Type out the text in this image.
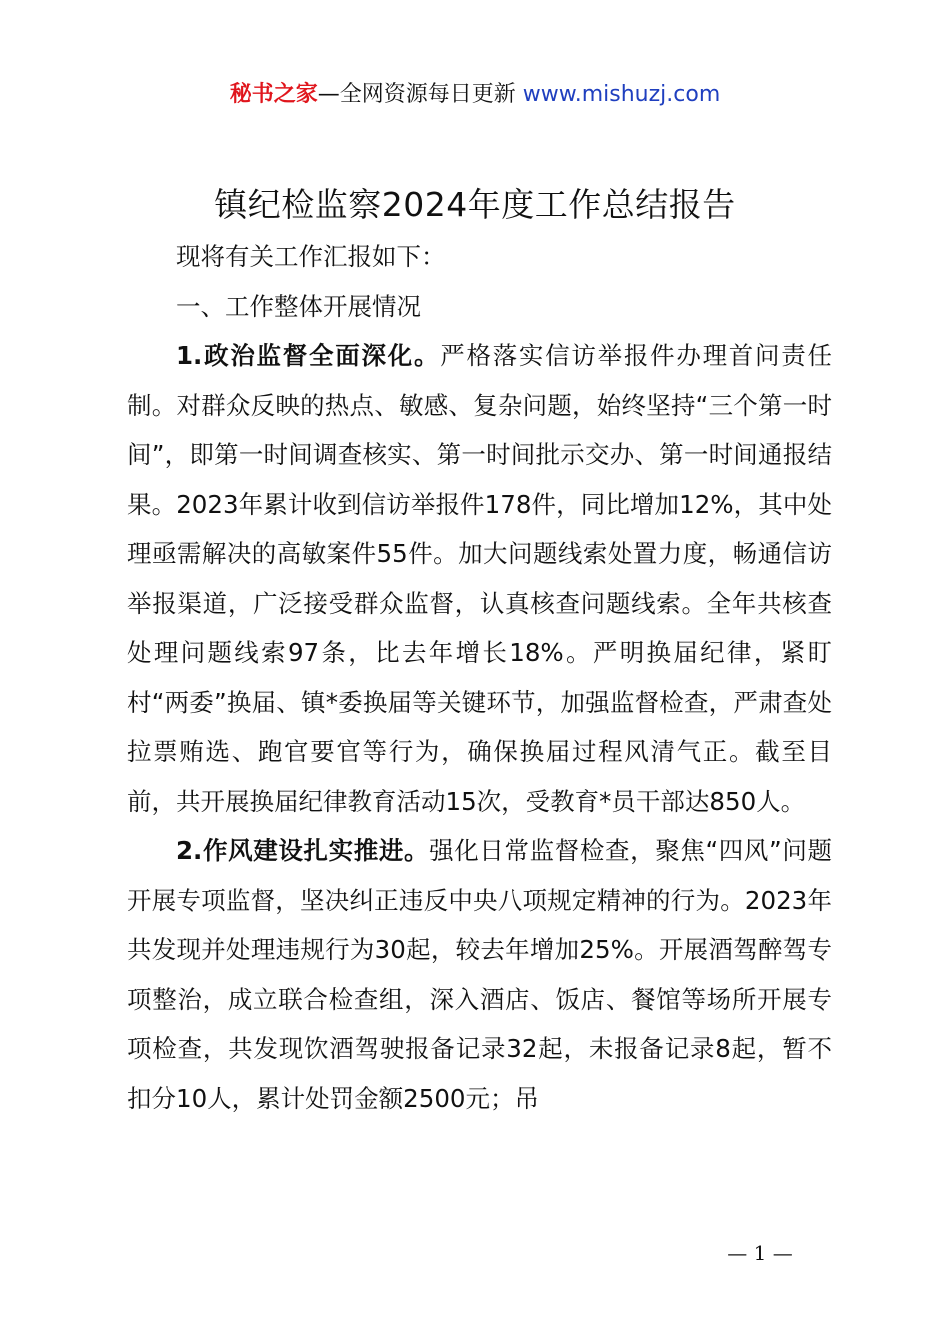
秘书之家—全网资源每日更新 www.mishuzj.com
镇纪检监察2024年度工作总结报告

现将有关工作汇报如下：

一、工作整体开展情况

1.政治监督全面深化。严格落实信访举报件办理首问责任制。对群众反映的热点、敏感、复杂问题，始终坚持“三个第一时间”，即第一时间调查核实、第一时间批示交办、第一时间通报结果。2023年累计收到信访举报件178件，同比增加12%，其中处理亟需解决的高敏案件55件。加大问题线索处置力度，畅通信访举报渠道，广泛接受群众监督，认真核查问题线索。全年共核查处理问题线索97条，比去年增长18%。严明换届纪律，紧盯村“两委”换届、镇*委换届等关键环节，加强监督检查，严肃查处拉票贿选、跑官要官等行为，确保换届过程风清气正。截至目前，共开展换届纪律教育活动15次，受教育*员干部达850人。

2.作风建设扎实推进。强化日常监督检查，聚焦“四风”问题开展专项监督，坚决纠正违反中央八项规定精神的行为。2023年共发现并处理违规行为30起，较去年增加25%。开展酒驾醉驾专项整治，成立联合检查组，深入酒店、饭店、餐馆等场所开展专项检查，共发现饮酒驾驶报备记录32起，未报备记录8起，暂不扣分10人，累计处罚金额2500元；吊

— 1 —
